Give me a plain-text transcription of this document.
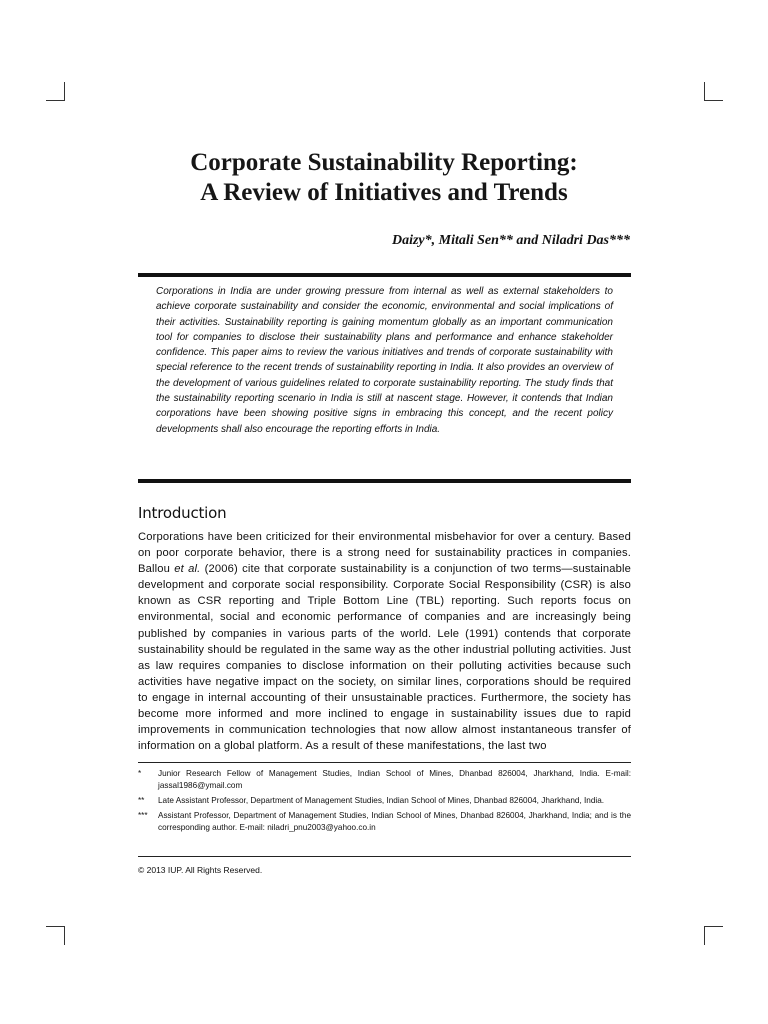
Corporate Sustainability Reporting:
A Review of Initiatives and Trends
Daizy*, Mitali Sen** and Niladri Das***

Corporations in India are under growing pressure from internal as well as external stakeholders to achieve corporate sustainability and consider the economic, environmental and social implications of their activities. Sustainability reporting is gaining momentum globally as an important communication tool for companies to disclose their sustainability plans and performance and enhance stakeholder confidence. This paper aims to review the various initiatives and trends of corporate sustainability with special reference to the recent trends of sustainability reporting in India. It also provides an overview of the development of various guidelines related to corporate sustainability reporting. The study finds that the sustainability reporting scenario in India is still at nascent stage. However, it contends that Indian corporations have been showing positive signs in embracing this concept, and the recent policy developments shall also encourage the reporting efforts in India.

Introduction

Corporations have been criticized for their environmental misbehavior for over a century. Based on poor corporate behavior, there is a strong need for sustainability practices in companies. Ballou et al. (2006) cite that corporate sustainability is a conjunction of two terms—sustainable development and corporate social responsibility. Corporate Social Responsibility (CSR) is also known as CSR reporting and Triple Bottom Line (TBL) reporting. Such reports focus on environmental, social and economic performance of companies and are increasingly being published by companies in various parts of the world. Lele (1991) contends that corporate sustainability should be regulated in the same way as the other industrial polluting activities. Just as law requires companies to disclose information on their polluting activities because such activities have negative impact on the society, on similar lines, corporations should be required to engage in internal accounting of their unsustainable practices. Furthermore, the society has become more informed and more inclined to engage in sustainability issues due to rapid improvements in communication technologies that now allow almost instantaneous transfer of information on a global platform. As a result of these manifestations, the last two

*	Junior Research Fellow of Management Studies, Indian School of Mines, Dhanbad 826004, Jharkhand, India. E-mail: jassal1986@ymail.com
**	Late Assistant Professor, Department of Management Studies, Indian School of Mines, Dhanbad 826004, Jharkhand, India.
***	Assistant Professor, Department of Management Studies, Indian School of Mines, Dhanbad 826004, Jharkhand, India; and is the corresponding author. E-mail: niladri_pnu2003@yahoo.co.in
© 2013 IUP. All Rights Reserved.
